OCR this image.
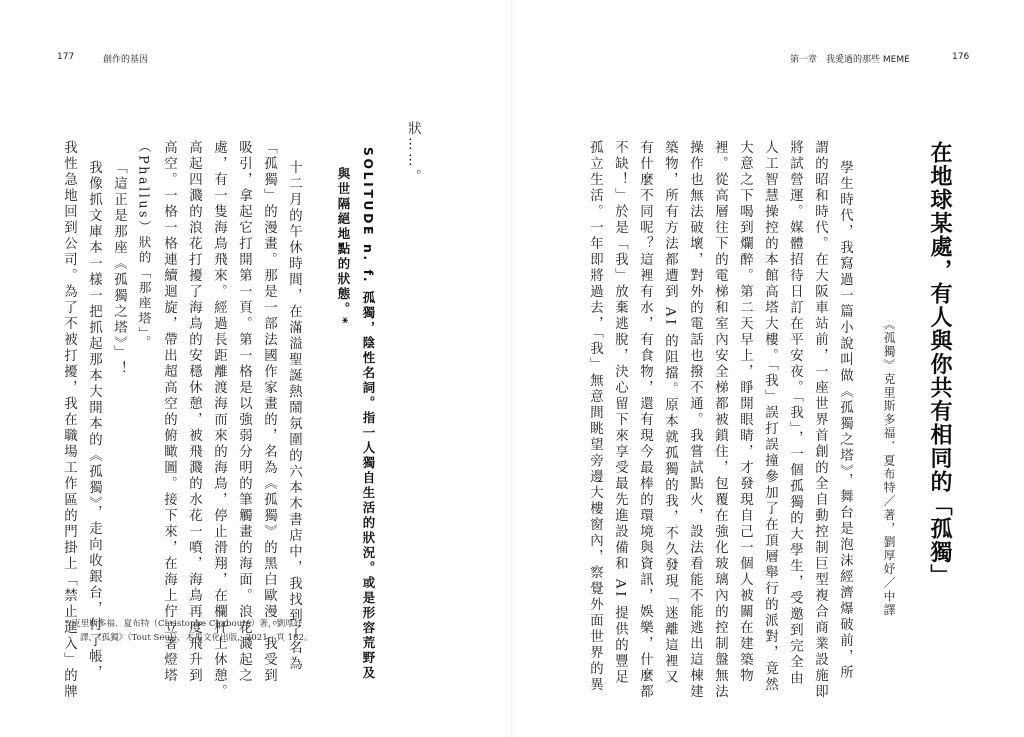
177	創作的基因
狀……。
SOLITUDE n. f. 孤獨，陰性名詞。指一人獨自生活的狀況。或是形容荒野及
與世隔絕地點的狀態。*
十二月的午休時間，在滿溢聖誕熱鬧氛圍的六本木書店中，我找到了名為
「孤獨」的漫畫。那是一部法國作家畫的，名為《孤獨》的黑白歐漫。我受到
吸引，拿起它打開第一頁。第一格是以強弱分明的筆觸畫的海面。浪花濺起之
處，有一隻海鳥飛來。經過長距離渡海而來的海鳥，停止滑翔，在欄杆上休憩。
高起四濺的浪花打擾了海鳥的安穩休憩，被飛濺的水花一噴，海鳥再度飛升到
高空。一格一格連續迴旋，帶出超高空的俯瞰圖。接下來，在海上佇立著燈塔
（Phallus）狀的「那座塔」。
「這正是那座《孤獨之塔》」！
我像抓文庫本一樣一把抓起那本大開本的《孤獨》，走向收銀台，付了帳，
我性急地回到公司。為了不被打擾，我在職場工作區的門掛上「禁止進入」的牌
* 克里斯多福．夏布特（Christophe Chabouté）著，劉厚妤
譯，《孤獨》（Tout Seul），木馬文化出版，2021，頁 182。
第一章　我愛過的那些 MEME	176
在地球某處，有人與你共有相同的「孤獨」
《孤獨》克里斯多福．夏布特／著，劉厚妤／中譯
學生時代，我寫過一篇小說叫做《孤獨之塔》，舞台是泡沫經濟爆破前，所
謂的昭和時代。在大阪車站前，一座世界首創的全自動控制巨型複合商業設施即
將試營運。媒體招待日訂在平安夜。「我」，一個孤獨的大學生，受邀到完全由
人工智慧操控的本館高塔大樓。「我」誤打誤撞參加了在頂層舉行的派對，竟然
大意之下喝到爛醉。第二天早上，睜開眼睛，才發現自己一個人被關在建築物
裡。從高層往下的電梯和室內安全梯都被鎖住，包覆在強化玻璃內的控制盤無法
操作也無法破壞，對外的電話也撥不通。我嘗試點火，設法看能不能逃出這棟建
築物，所有方法都遭到 AI 的阻擋。原本就孤獨的我，不久發現「迷離這裡又
有什麼不同呢？這裡有水，有食物，還有現今最棒的環境與資訊，娛樂，什麼都
不缺！」於是「我」放棄逃脫，決心留下來享受最先進設備和 AI 提供的豐足
孤立生活。一年即將過去，「我」無意間眺望旁邊大樓窗內，察覺外面世界的異
